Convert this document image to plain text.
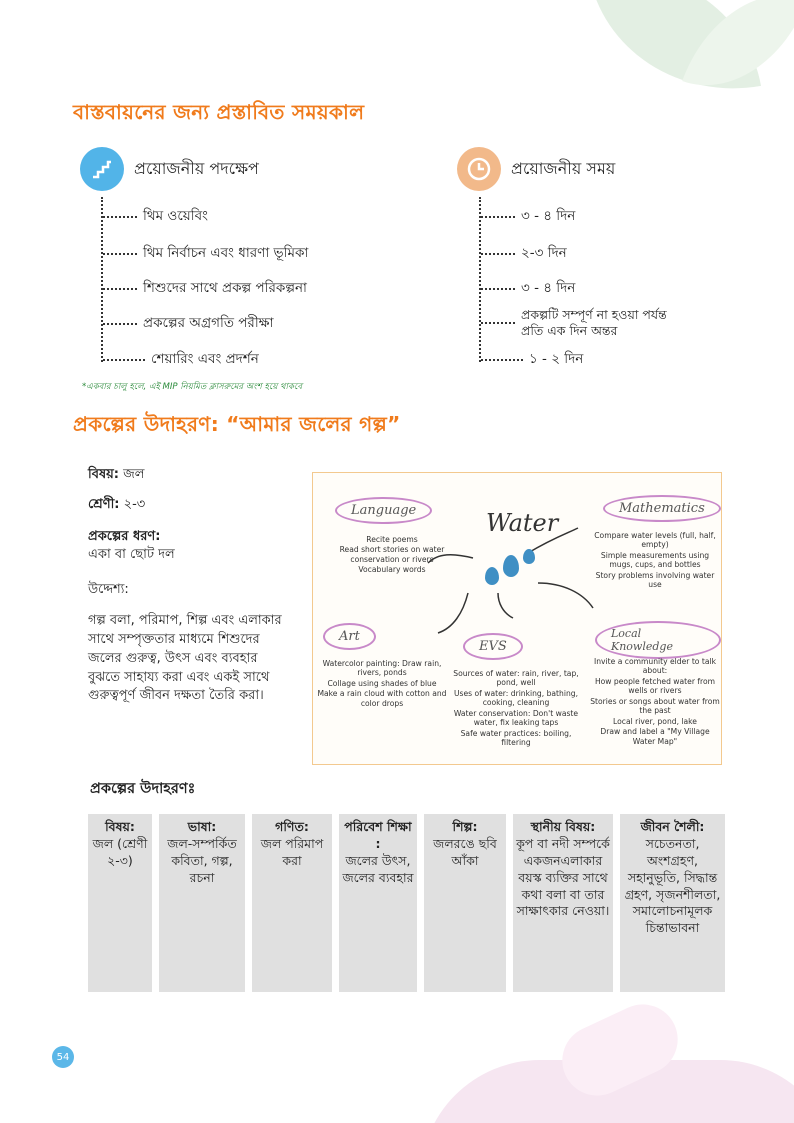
বাস্তবায়নের জন্য প্রস্তাবিত সময়কাল
প্রয়োজনীয় পদক্ষেপ	প্রয়োজনীয় সময়
থিম ওয়েবিং
থিম নির্বাচন এবং ধারণা ভূমিকা
শিশুদের সাথে প্রকল্প পরিকল্পনা
প্রকল্পের অগ্রগতি পরীক্ষা
শেয়ারিং এবং প্রদর্শন
৩ - ৪ দিন
২-৩ দিন
৩ - ৪ দিন
প্রকল্পটি সম্পূর্ণ না হওয়া পর্যন্ত প্রতি এক দিন অন্তর
১ - ২ দিন
*একবার চালু হলে, এই MIP নিয়মিত ক্লাসরুমের অংশ হয়ে থাকবে
প্রকল্পের উদাহরণ: “আমার জলের গল্প”
বিষয়: জল
শ্রেণী: ২-৩
প্রকল্পের ধরণ:
একা বা ছোট দল
উদ্দেশ্য:
গল্প বলা, পরিমাপ, শিল্প এবং এলাকার সাথে সম্পৃক্ততার মাধ্যমে শিশুদের জলের গুরুত্ব, উৎস এবং ব্যবহার বুঝতে সাহায্য করা এবং একই সাথে গুরুত্বপূর্ণ জীবন দক্ষতা তৈরি করা।
Language
Recite poems
Read short stories on water conservation or rivers
Vocabulary words
Water
Mathematics
Compare water levels (full, half, empty)
Simple measurements using mugs, cups, and bottles
Story problems involving water use
Art
Watercolor painting: Draw rain, rivers, ponds
Collage using shades of blue
Make a rain cloud with cotton and color drops
EVS
Sources of water: rain, river, tap, pond, well
Uses of water: drinking, bathing, cooking, cleaning
Water conservation: Don't waste water, fix leaking taps
Safe water practices: boiling, filtering
Local Knowledge
Invite a community elder to talk about:
How people fetched water from wells or rivers
Stories or songs about water from the past
Local river, pond, lake
Draw and label a "My Village Water Map"
প্রকল্পের উদাহরণঃ
বিষয়:
জল (শ্রেণী ২-৩)
ভাষা:
জল-সম্পর্কিত কবিতা, গল্প, রচনা
গণিত:
জল পরিমাপ করা
পরিবেশ শিক্ষা :
জলের উৎস, জলের ব্যবহার
শিল্প:
জলরঙে ছবি আঁকা
স্থানীয় বিষয়:
কূপ বা নদী সম্পর্কে একজনএলাকার বয়স্ক ব্যক্তির সাথে কথা বলা বা তার সাক্ষাৎকার নেওয়া।
জীবন শৈলী:
সচেতনতা, অংশগ্রহণ, সহানুভূতি, সিদ্ধান্ত গ্রহণ, সৃজনশীলতা, সমালোচনামূলক চিন্তাভাবনা
54
